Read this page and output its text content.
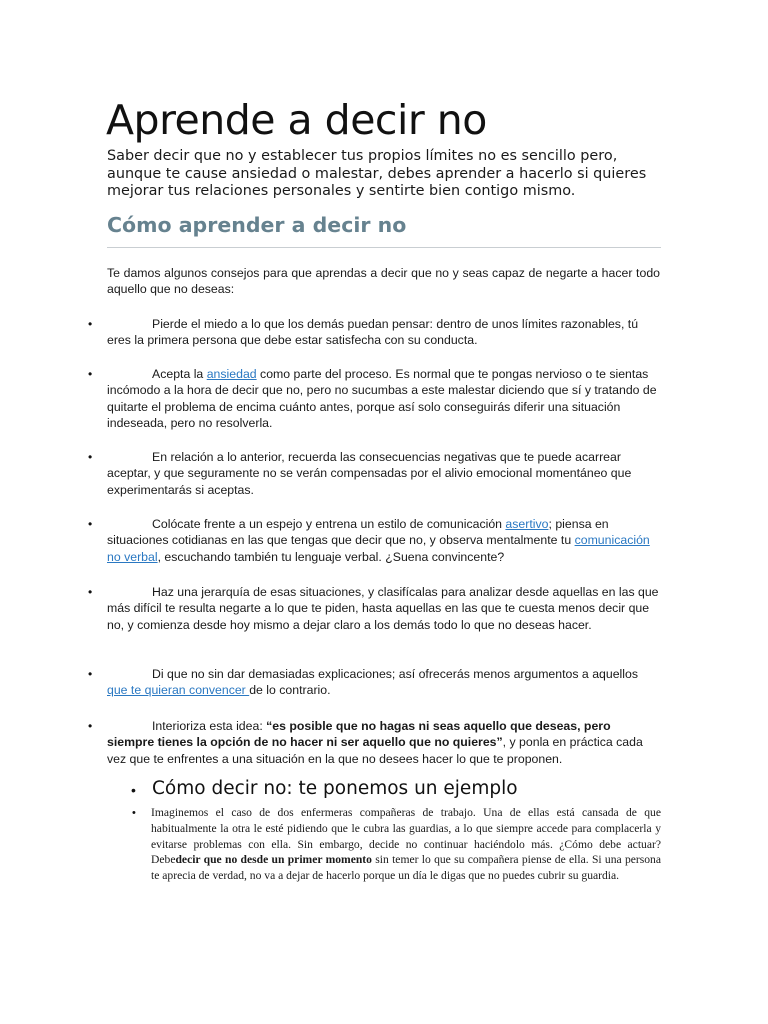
Aprende a decir no

Saber decir que no y establecer tus propios límites no es sencillo pero, aunque te cause ansiedad o malestar, debes aprender a hacerlo si quieres mejorar tus relaciones personales y sentirte bien contigo mismo.

Cómo aprender a decir no

Te damos algunos consejos para que aprendas a decir que no y seas capaz de negarte a hacer todo aquello que no deseas:

•	Pierde el miedo a lo que los demás puedan pensar: dentro de unos límites razonables, tú eres la primera persona que debe estar satisfecha con su conducta.

•	Acepta la ansiedad como parte del proceso. Es normal que te pongas nervioso o te sientas incómodo a la hora de decir que no, pero no sucumbas a este malestar diciendo que sí y tratando de quitarte el problema de encima cuánto antes, porque así solo conseguirás diferir una situación indeseada, pero no resolverla.

•	En relación a lo anterior, recuerda las consecuencias negativas que te puede acarrear aceptar, y que seguramente no se verán compensadas por el alivio emocional momentáneo que experimentarás si aceptas.

•	Colócate frente a un espejo y entrena un estilo de comunicación asertivo; piensa en situaciones cotidianas en las que tengas que decir que no, y observa mentalmente tu comunicación no verbal, escuchando también tu lenguaje verbal. ¿Suena convincente?

•	Haz una jerarquía de esas situaciones, y clasifícalas para analizar desde aquellas en las que más difícil te resulta negarte a lo que te piden, hasta aquellas en las que te cuesta menos decir que no, y comienza desde hoy mismo a dejar claro a los demás todo lo que no deseas hacer.

•	Di que no sin dar demasiadas explicaciones; así ofrecerás menos argumentos a aquellos que te quieran convencer de lo contrario.

•	Interioriza esta idea: “es posible que no hagas ni seas aquello que deseas, pero siempre tienes la opción de no hacer ni ser aquello que no quieres”, y ponla en práctica cada vez que te enfrentes a una situación en la que no desees hacer lo que te proponen.

• Cómo decir no: te ponemos un ejemplo
• Imaginemos el caso de dos enfermeras compañeras de trabajo. Una de ellas está cansada de que habitualmente la otra le esté pidiendo que le cubra las guardias, a lo que siempre accede para complacerla y evitarse problemas con ella. Sin embargo, decide no continuar haciéndolo más. ¿Cómo debe actuar? Debedecir que no desde un primer momento sin temer lo que su compañera piense de ella. Si una persona te aprecia de verdad, no va a dejar de hacerlo porque un día le digas que no puedes cubrir su guardia.
